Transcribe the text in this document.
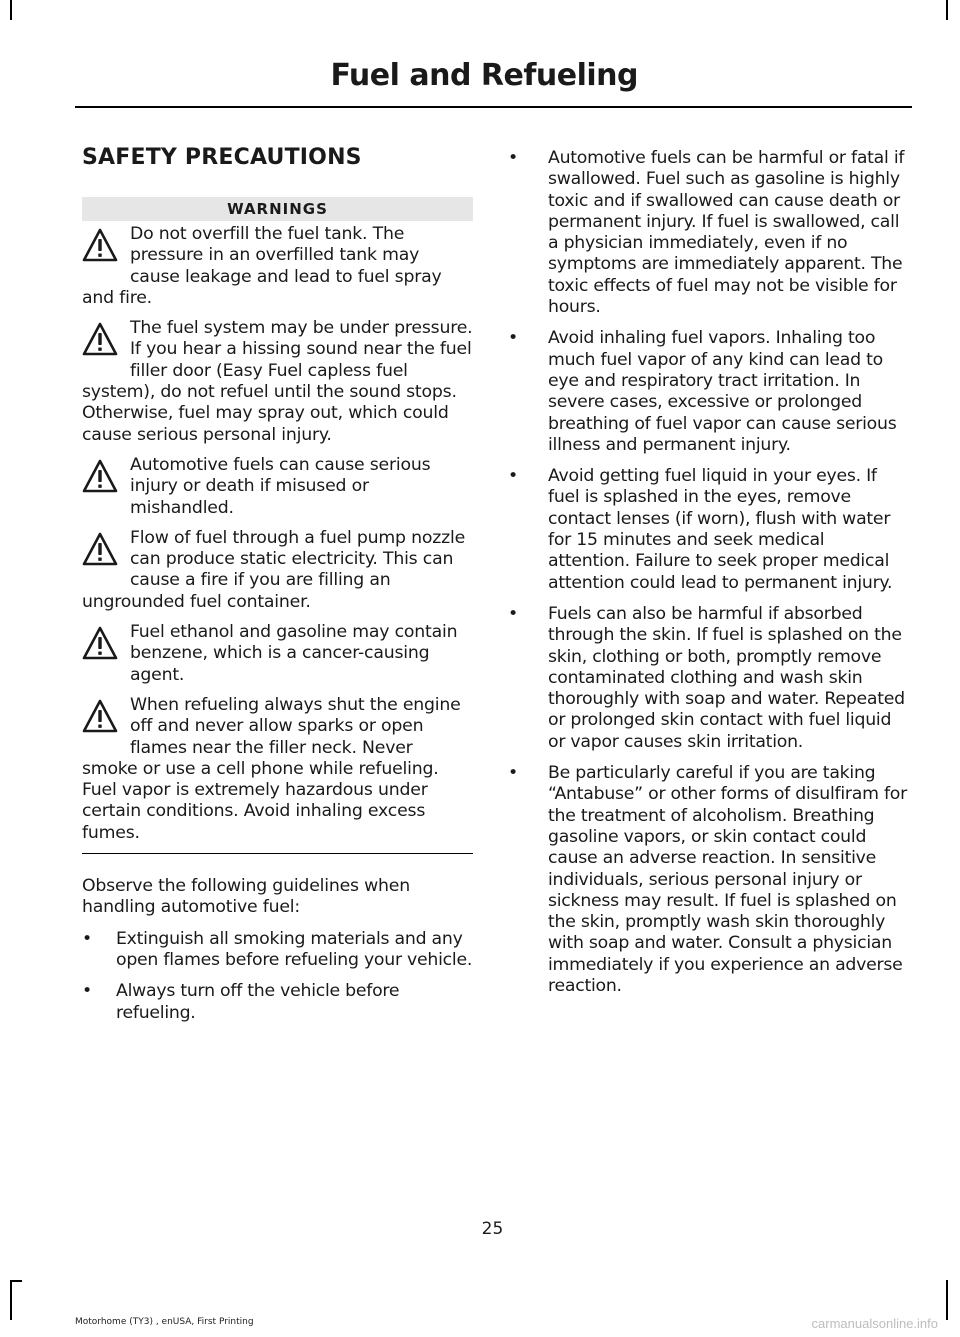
Fuel and Refueling
SAFETY PRECAUTIONS
WARNINGS
Do not overfill the fuel tank. The pressure in an overfilled tank may cause leakage and lead to fuel spray and fire.
The fuel system may be under pressure. If you hear a hissing sound near the fuel filler door (Easy Fuel capless fuel system), do not refuel until the sound stops. Otherwise, fuel may spray out, which could cause serious personal injury.
Automotive fuels can cause serious injury or death if misused or mishandled.
Flow of fuel through a fuel pump nozzle can produce static electricity. This can cause a fire if you are filling an ungrounded fuel container.
Fuel ethanol and gasoline may contain benzene, which is a cancer-causing agent.
When refueling always shut the engine off and never allow sparks or open flames near the filler neck. Never smoke or use a cell phone while refueling. Fuel vapor is extremely hazardous under certain conditions. Avoid inhaling excess fumes.

Observe the following guidelines when handling automotive fuel:

• Extinguish all smoking materials and any open flames before refueling your vehicle.
• Always turn off the vehicle before refueling.
• Automotive fuels can be harmful or fatal if swallowed. Fuel such as gasoline is highly toxic and if swallowed can cause death or permanent injury. If fuel is swallowed, call a physician immediately, even if no symptoms are immediately apparent. The toxic effects of fuel may not be visible for hours.
• Avoid inhaling fuel vapors. Inhaling too much fuel vapor of any kind can lead to eye and respiratory tract irritation. In severe cases, excessive or prolonged breathing of fuel vapor can cause serious illness and permanent injury.
• Avoid getting fuel liquid in your eyes. If fuel is splashed in the eyes, remove contact lenses (if worn), flush with water for 15 minutes and seek medical attention. Failure to seek proper medical attention could lead to permanent injury.
• Fuels can also be harmful if absorbed through the skin. If fuel is splashed on the skin, clothing or both, promptly remove contaminated clothing and wash skin thoroughly with soap and water. Repeated or prolonged skin contact with fuel liquid or vapor causes skin irritation.
• Be particularly careful if you are taking “Antabuse” or other forms of disulfiram for the treatment of alcoholism. Breathing gasoline vapors, or skin contact could cause an adverse reaction. In sensitive individuals, serious personal injury or sickness may result. If fuel is splashed on the skin, promptly wash skin thoroughly with soap and water. Consult a physician immediately if you experience an adverse reaction.
25
Motorhome (TY3) , enUSA, First Printing	carmanualsonline.info
